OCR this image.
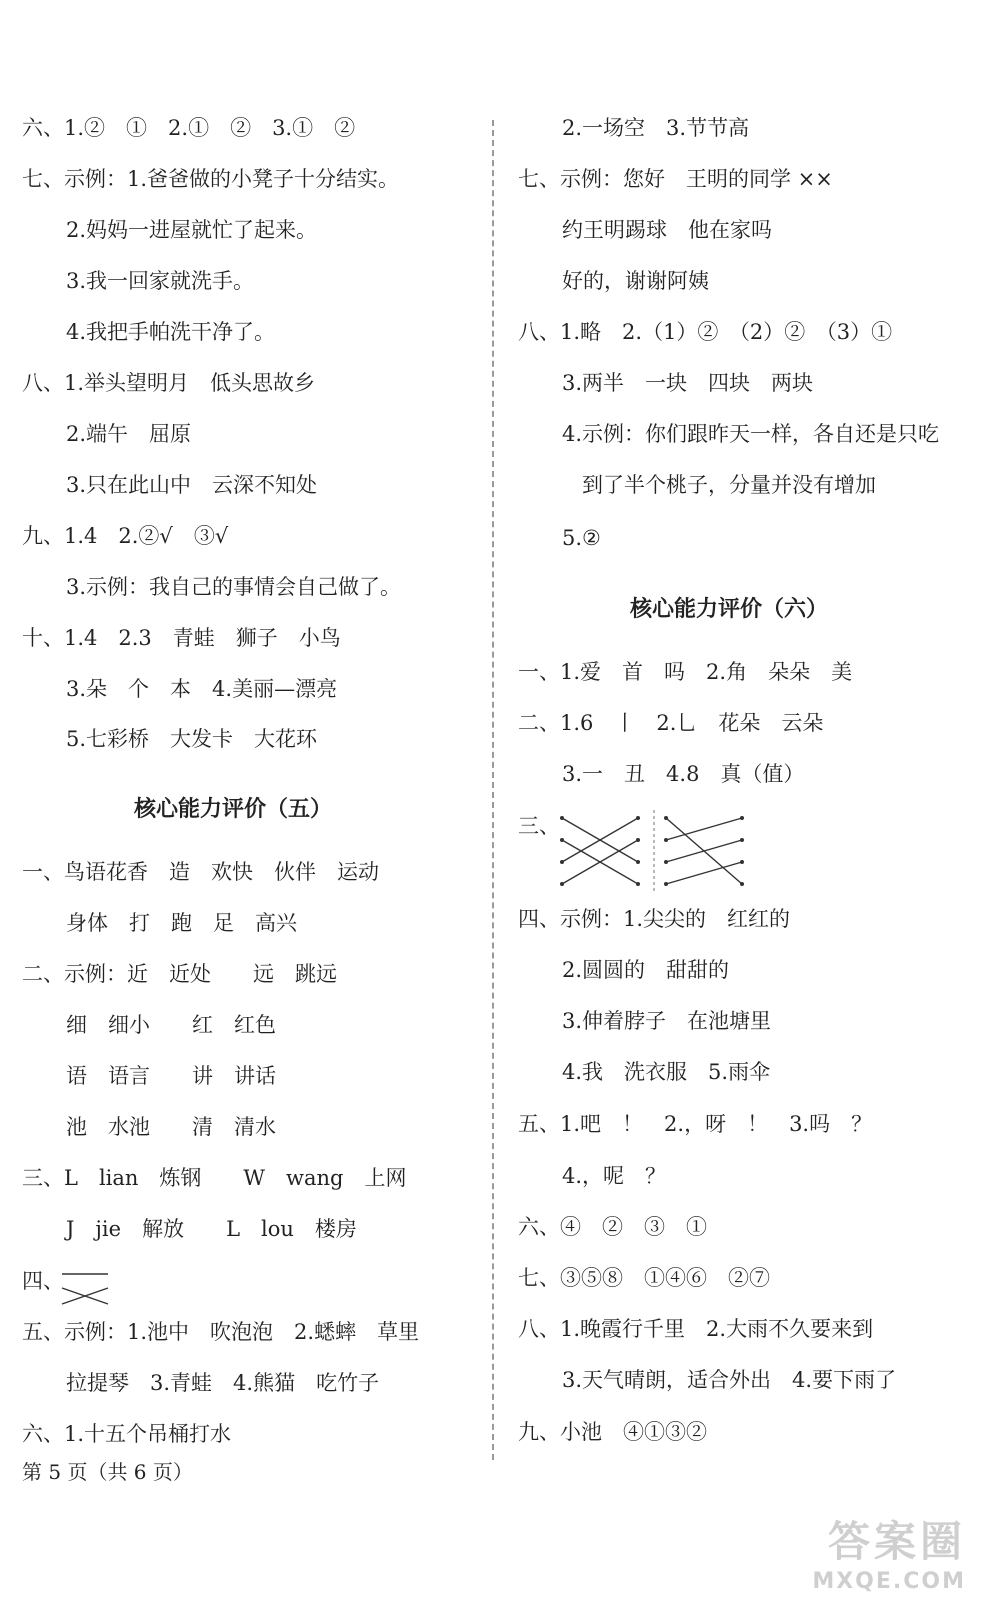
六、1.②　①　2.①　②　3.①　②
七、示例：1.爸爸做的小凳子十分结实。
2.妈妈一进屋就忙了起来。
3.我一回家就洗手。
4.我把手帕洗干净了。
八、1.举头望明月　低头思故乡
2.端午　屈原
3.只在此山中　云深不知处
九、1.4　2.②√　③√
3.示例：我自己的事情会自己做了。
十、1.4　2.3　青蛙　狮子　小鸟
3.朵　个　本　4.美丽—漂亮
5.七彩桥　大发卡　大花环
核心能力评价（五）
一、鸟语花香　造　欢快　伙伴　运动
身体　打　跑　足　高兴
二、示例：近　近处　　远　跳远
细　细小　　红　红色
语　语言　　讲　讲话
池　水池　　清　清水
三、L　lian　炼钢　　W　wang　上网
J　jie　解放　　L　lou　楼房
四、
五、示例：1.池中　吹泡泡　2.蟋蟀　草里
拉提琴　3.青蛙　4.熊猫　吃竹子
六、1.十五个吊桶打水
2.一场空　3.节节高
七、示例：您好　王明的同学 ××
约王明踢球　他在家吗
好的，谢谢阿姨
八、1.略　2.（1）②　（2）②　（3）①
3.两半　一块　四块　两块
4.示例：你们跟昨天一样，各自还是只吃
到了半个桃子，分量并没有增加
5.②
核心能力评价（六）
一、1.爱　首　吗　2.角　朵朵　美
二、1.6　丨　2.乚　花朵　云朵
3.一　丑　4.8　真（值）
三、
四、示例：1.尖尖的　红红的
2.圆圆的　甜甜的
3.伸着脖子　在池塘里
4.我　洗衣服　5.雨伞
五、1.吧　！　2.，呀　！　3.吗　？
4.，呢　？
六、④　②　③　①
七、③⑤⑧　①④⑥　②⑦
八、1.晚霞行千里　2.大雨不久要来到
3.天气晴朗，适合外出　4.要下雨了
九、小池　④①③②
第 5 页（共 6 页）
答案圈
MXQE.COM
